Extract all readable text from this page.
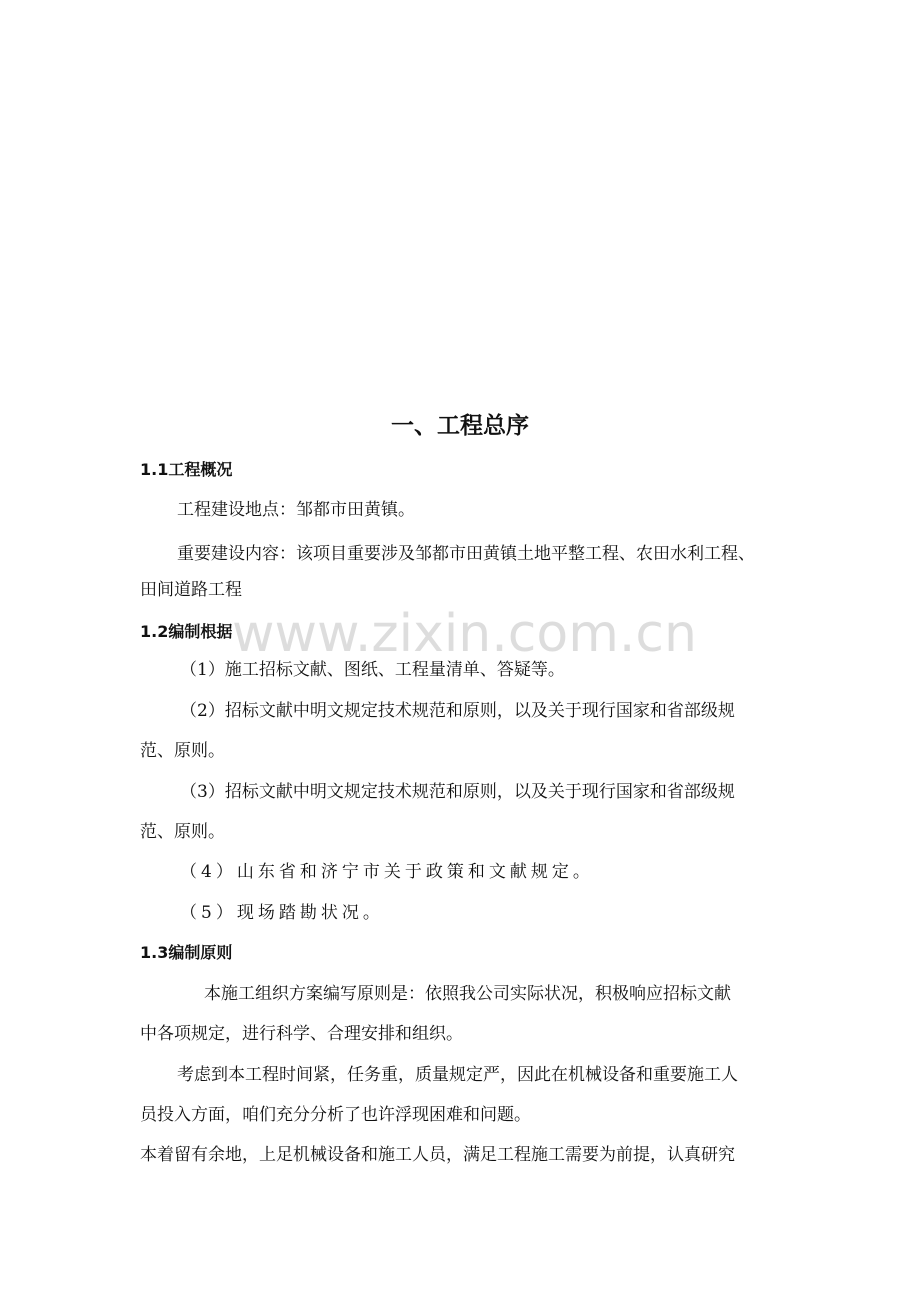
www.zixin.com.cn
一、工程总序
1.1工程概况
工程建设地点：邹都市田黄镇。
重要建设内容：该项目重要涉及邹都市田黄镇土地平整工程、农田水利工程、
田间道路工程
1.2编制根据
（1）施工招标文献、图纸、工程量清单、答疑等。
（2）招标文献中明文规定技术规范和原则，以及关于现行国家和省部级规
范、原则。
（3）招标文献中明文规定技术规范和原则，以及关于现行国家和省部级规
范、原则。
（4）山东省和济宁市关于政策和文献规定。
（5）现场踏勘状况。
1.3编制原则
本施工组织方案编写原则是：依照我公司实际状况，积极响应招标文献
中各项规定，进行科学、合理安排和组织。
考虑到本工程时间紧，任务重，质量规定严，因此在机械设备和重要施工人
员投入方面，咱们充分分析了也许浮现困难和问题。
本着留有余地，上足机械设备和施工人员，满足工程施工需要为前提，认真研究
